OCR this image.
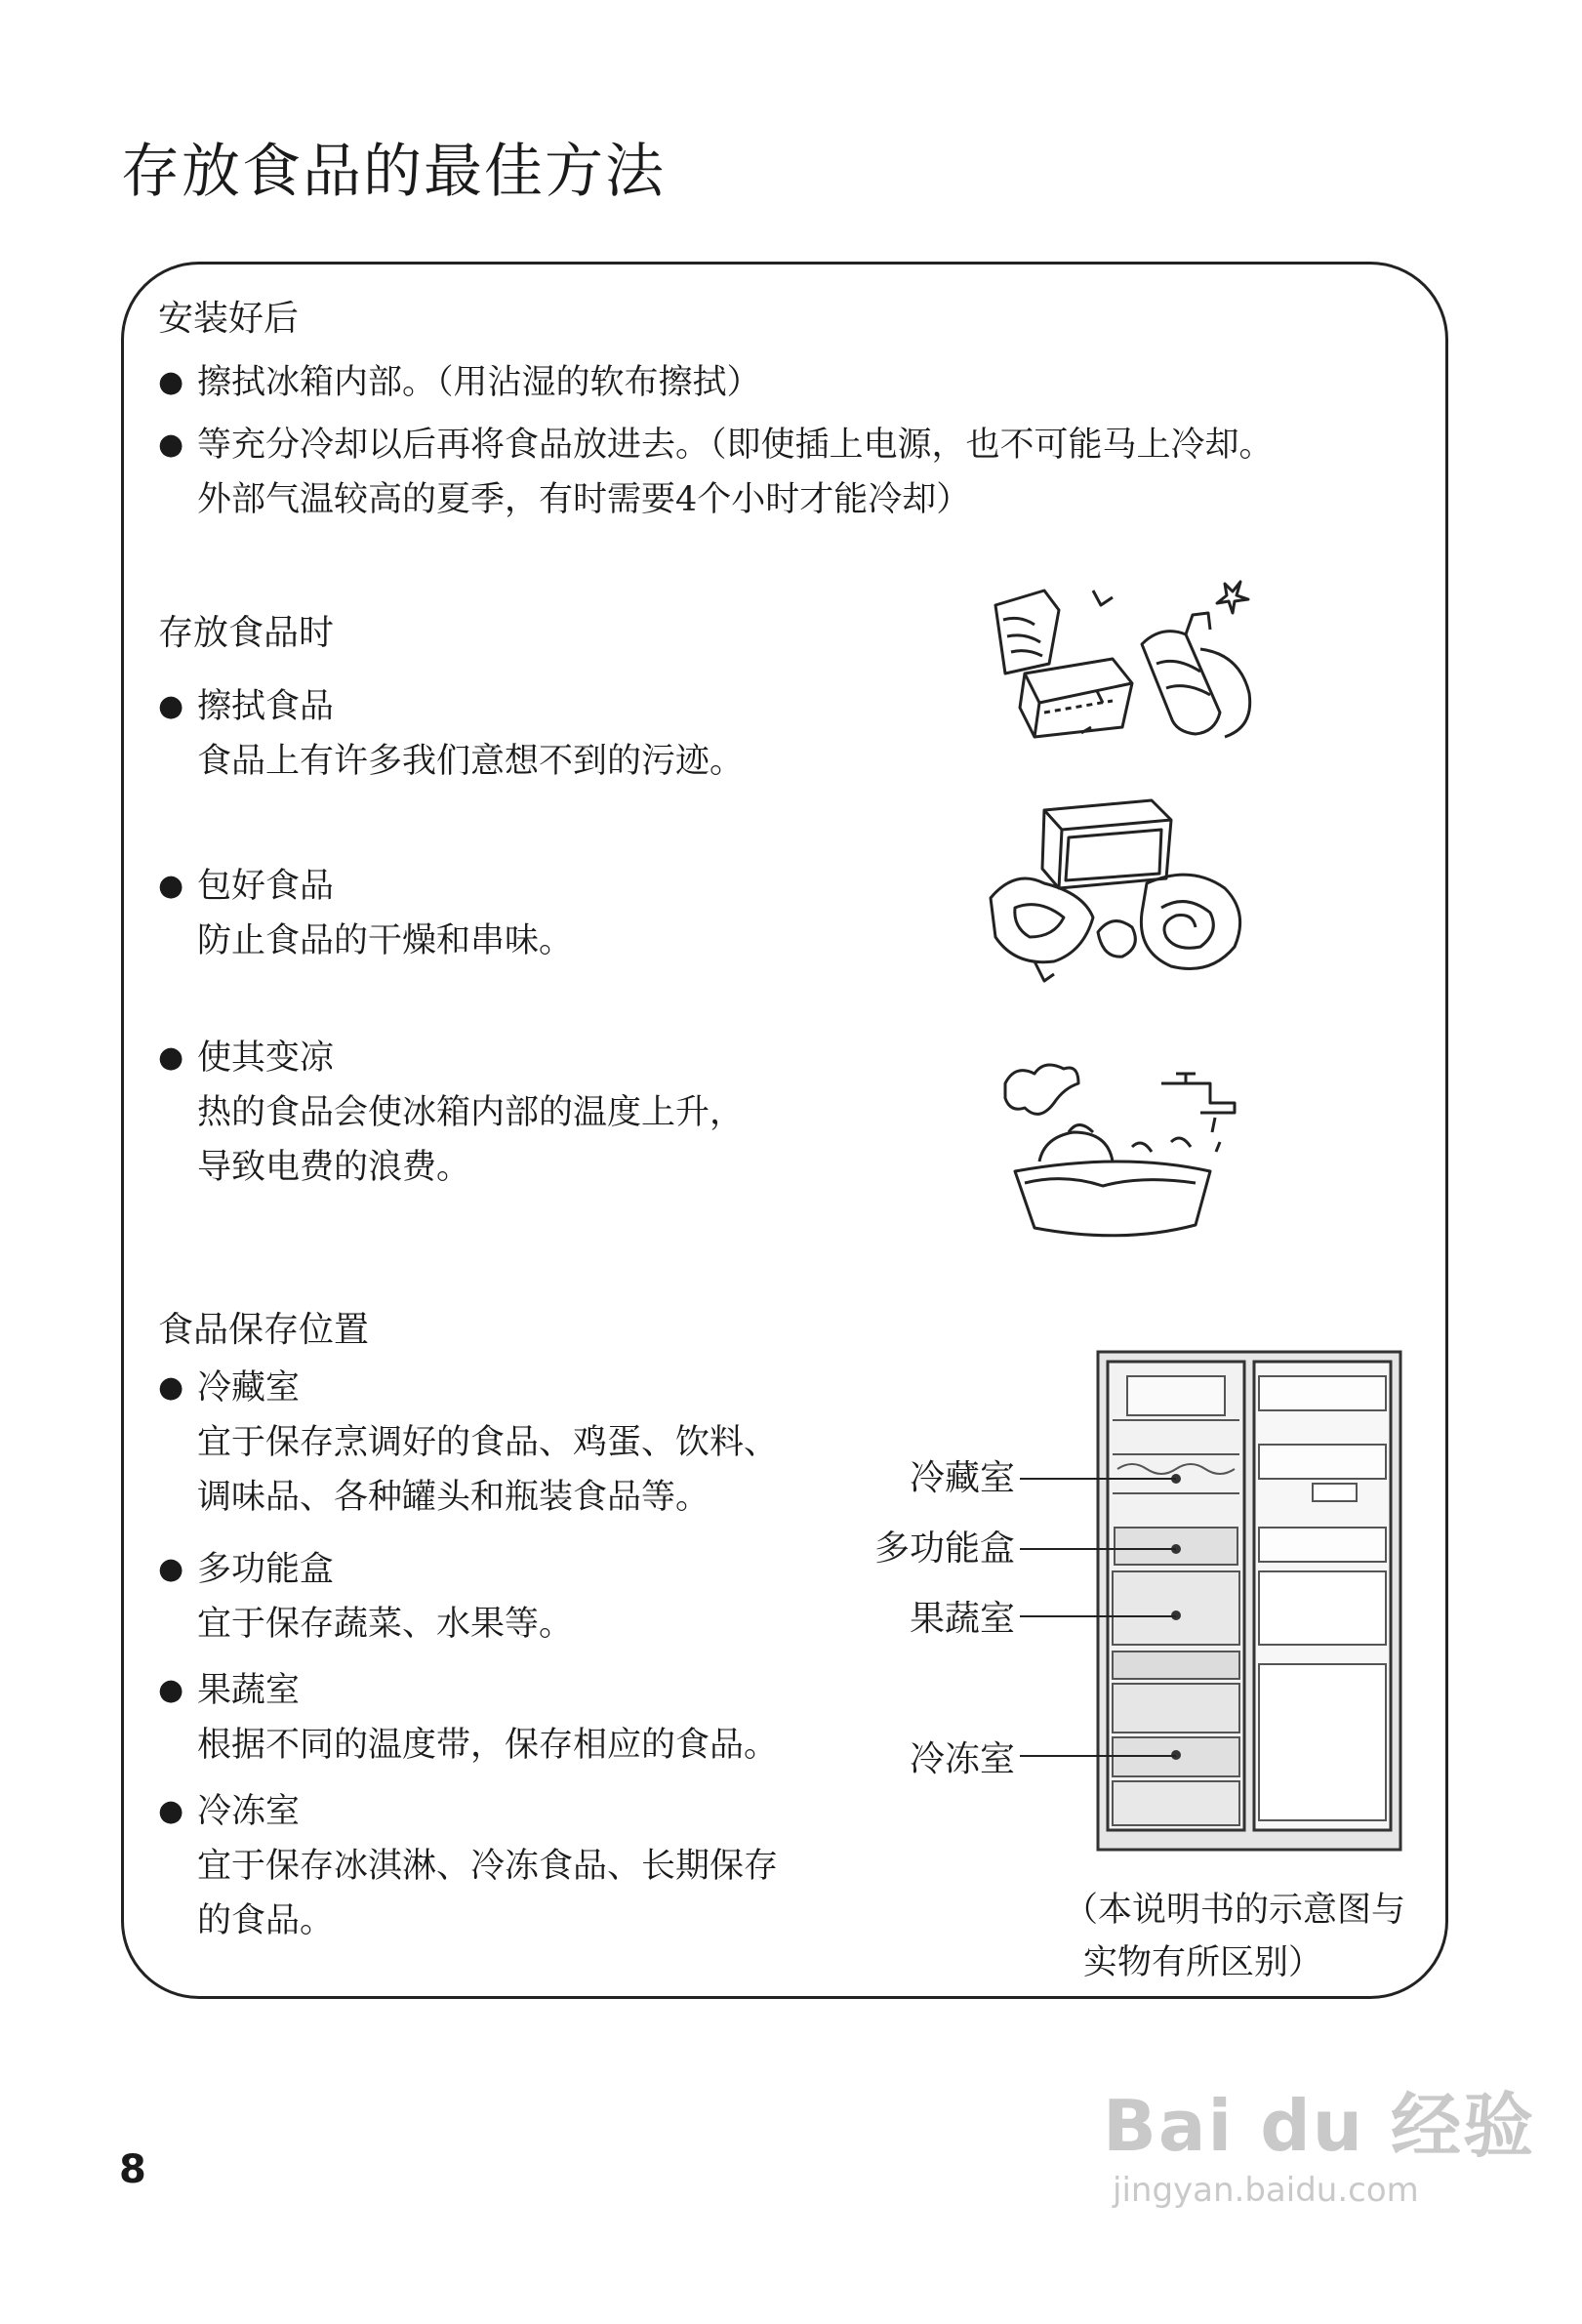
存放食品的最佳方法
安装好后
● 擦拭冰箱内部。（用沾湿的软布擦拭）
● 等充分冷却以后再将食品放进去。（即使插上电源，也不可能马上冷却。
外部气温较高的夏季，有时需要4个小时才能冷却）
存放食品时
● 擦拭食品
食品上有许多我们意想不到的污迹。
● 包好食品
防止食品的干燥和串味。
● 使其变凉
热的食品会使冰箱内部的温度上升，
导致电费的浪费。
食品保存位置
● 冷藏室
宜于保存烹调好的食品、鸡蛋、饮料、
调味品、各种罐头和瓶装食品等。
● 多功能盒
宜于保存蔬菜、水果等。
● 果蔬室
根据不同的温度带，保存相应的食品。
● 冷冻室
宜于保存冰淇淋、冷冻食品、长期保存
的食品。
冷藏室
多功能盒
果蔬室
冷冻室
（本说明书的示意图与
实物有所区别）
8
Bai du 经验
jingyan.baidu.com
